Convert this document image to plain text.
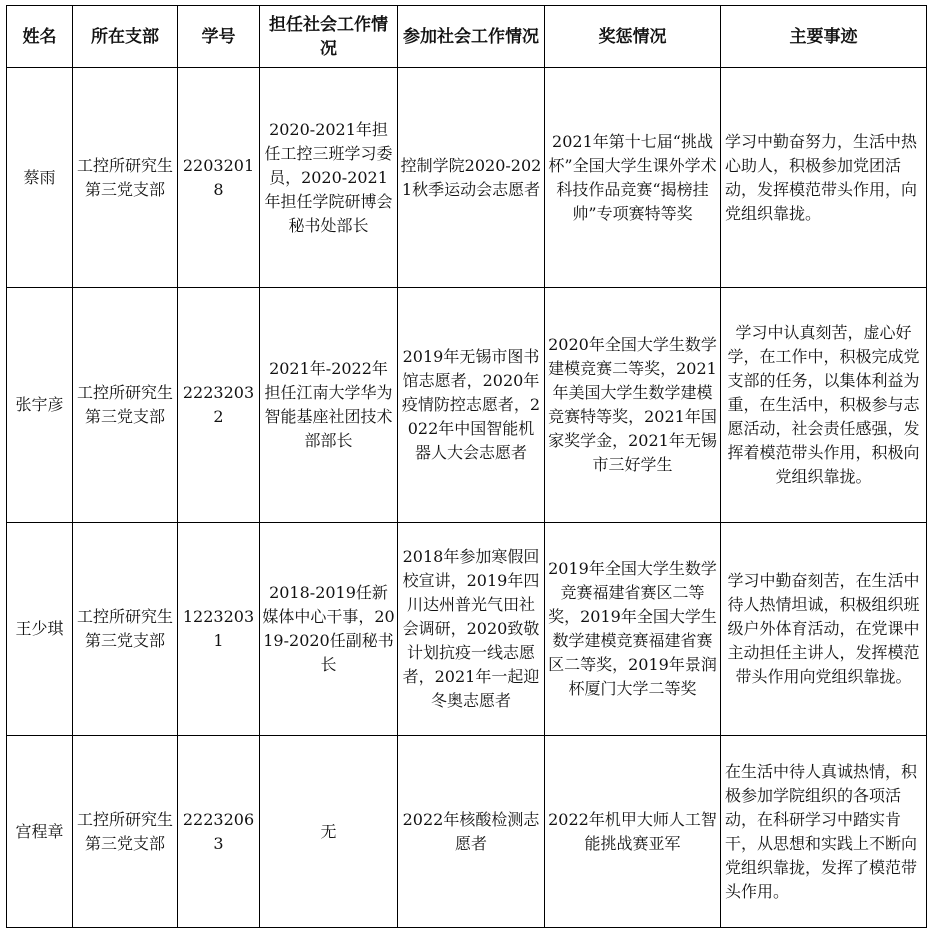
姓名	所在支部	学号	担任社会工作情况	参加社会工作情况	奖惩情况	主要事迹
蔡雨	工控所研究生第三党支部	22032018	2020-2021年担任工控三班学习委员，2020-2021年担任学院研博会秘书处部长	控制学院2020-2021秋季运动会志愿者	2021年第十七届“挑战杯”全国大学生课外学术科技作品竞赛“揭榜挂帅”专项赛特等奖	学习中勤奋努力，生活中热心助人，积极参加党团活动，发挥模范带头作用，向党组织靠拢。
张宇彦	工控所研究生第三党支部	22232032	2021年-2022年担任江南大学华为智能基座社团技术部部长	2019年无锡市图书馆志愿者，2020年疫情防控志愿者，2022年中国智能机器人大会志愿者	2020年全国大学生数学建模竞赛二等奖，2021年美国大学生数学建模竞赛特等奖，2021年国家奖学金，2021年无锡市三好学生	学习中认真刻苦，虚心好学，在工作中，积极完成党支部的任务，以集体利益为重，在生活中，积极参与志愿活动，社会责任感强，发挥着模范带头作用，积极向党组织靠拢。
王少琪	工控所研究生第三党支部	12232031	2018-2019任新媒体中心干事，2019-2020任副秘书长	2018年参加寒假回校宣讲，2019年四川达州普光气田社会调研，2020致敬计划抗疫一线志愿者，2021年一起迎冬奥志愿者	2019年全国大学生数学竞赛福建省赛区二等奖，2019年全国大学生数学建模竞赛福建省赛区二等奖，2019年景润杯厦门大学二等奖	学习中勤奋刻苦，在生活中待人热情坦诚，积极组织班级户外体育活动，在党课中主动担任主讲人，发挥模范带头作用向党组织靠拢。
宫程章	工控所研究生第三党支部	22232063	无	2022年核酸检测志愿者	2022年机甲大师人工智能挑战赛亚军	在生活中待人真诚热情，积极参加学院组织的各项活动，在科研学习中踏实肯干，从思想和实践上不断向党组织靠拢，发挥了模范带头作用。
